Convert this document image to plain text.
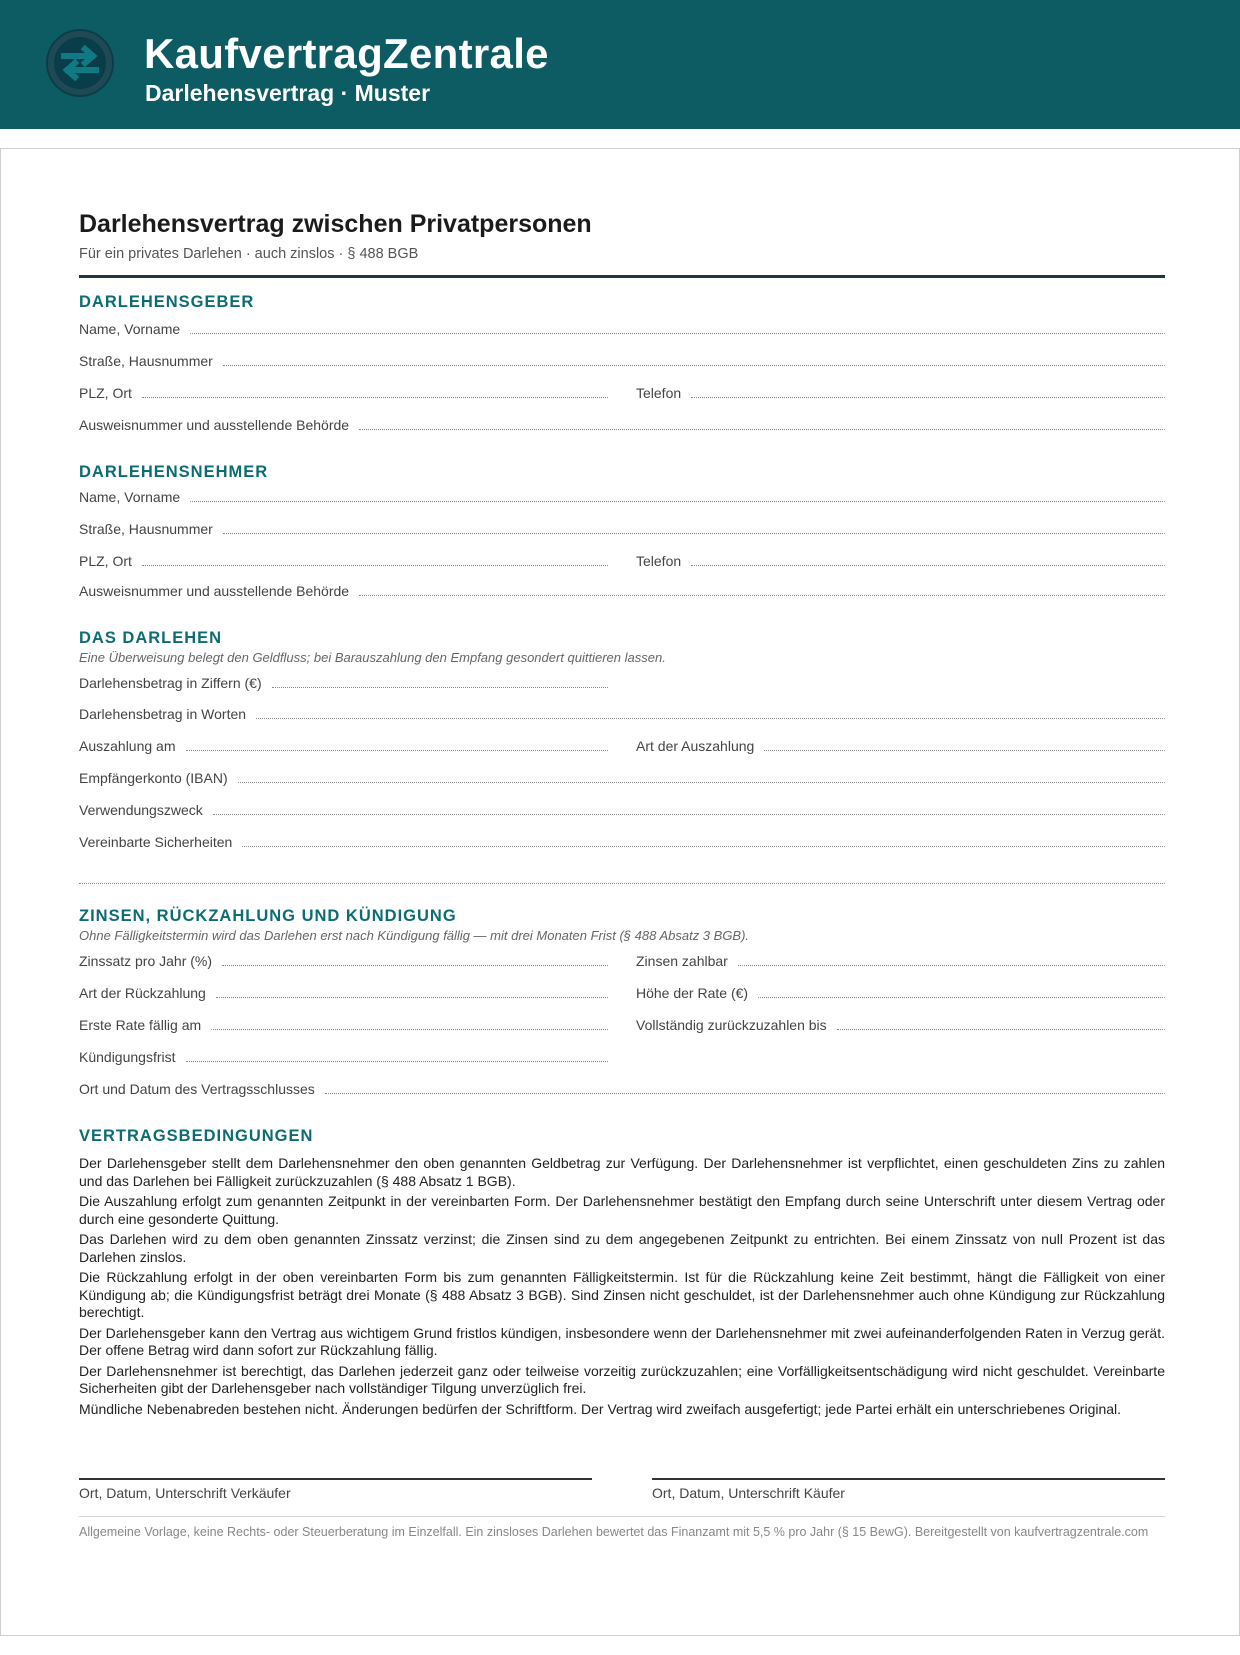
KaufvertragZentrale
Darlehensvertrag · Muster
Darlehensvertrag zwischen Privatpersonen
Für ein privates Darlehen · auch zinslos · § 488 BGB
DARLEHENSGEBER
Name, Vorname
Straße, Hausnummer
PLZ, Ort	Telefon
Ausweisnummer und ausstellende Behörde
DARLEHENSNEHMER
Name, Vorname
Straße, Hausnummer
PLZ, Ort	Telefon
Ausweisnummer und ausstellende Behörde
DAS DARLEHEN
Eine Überweisung belegt den Geldfluss; bei Barauszahlung den Empfang gesondert quittieren lassen.
Darlehensbetrag in Ziffern (€)
Darlehensbetrag in Worten
Auszahlung am	Art der Auszahlung
Empfängerkonto (IBAN)
Verwendungszweck
Vereinbarte Sicherheiten
ZINSEN, RÜCKZAHLUNG UND KÜNDIGUNG
Ohne Fälligkeitstermin wird das Darlehen erst nach Kündigung fällig — mit drei Monaten Frist (§ 488 Absatz 3 BGB).
Zinssatz pro Jahr (%)	Zinsen zahlbar
Art der Rückzahlung	Höhe der Rate (€)
Erste Rate fällig am	Vollständig zurückzuzahlen bis
Kündigungsfrist
Ort und Datum des Vertragsschlusses
VERTRAGSBEDINGUNGEN

Der Darlehensgeber stellt dem Darlehensnehmer den oben genannten Geldbetrag zur Verfügung. Der Darlehensnehmer ist verpflichtet, einen geschuldeten Zins zu zahlen und das Darlehen bei Fälligkeit zurückzuzahlen (§ 488 Absatz 1 BGB).

Die Auszahlung erfolgt zum genannten Zeitpunkt in der vereinbarten Form. Der Darlehensnehmer bestätigt den Empfang durch seine Unterschrift unter diesem Vertrag oder durch eine gesonderte Quittung.

Das Darlehen wird zu dem oben genannten Zinssatz verzinst; die Zinsen sind zu dem angegebenen Zeitpunkt zu entrichten. Bei einem Zinssatz von null Prozent ist das Darlehen zinslos.

Die Rückzahlung erfolgt in der oben vereinbarten Form bis zum genannten Fälligkeitstermin. Ist für die Rückzahlung keine Zeit bestimmt, hängt die Fälligkeit von einer Kündigung ab; die Kündigungsfrist beträgt drei Monate (§ 488 Absatz 3 BGB). Sind Zinsen nicht geschuldet, ist der Darlehensnehmer auch ohne Kündigung zur Rückzahlung berechtigt.

Der Darlehensgeber kann den Vertrag aus wichtigem Grund fristlos kündigen, insbesondere wenn der Darlehensnehmer mit zwei aufeinanderfolgenden Raten in Verzug gerät. Der offene Betrag wird dann sofort zur Rückzahlung fällig.

Der Darlehensnehmer ist berechtigt, das Darlehen jederzeit ganz oder teilweise vorzeitig zurückzuzahlen; eine Vorfälligkeitsentschädigung wird nicht geschuldet. Vereinbarte Sicherheiten gibt der Darlehensgeber nach vollständiger Tilgung unverzüglich frei.

Mündliche Nebenabreden bestehen nicht. Änderungen bedürfen der Schriftform. Der Vertrag wird zweifach ausgefertigt; jede Partei erhält ein unterschriebenes Original.

Ort, Datum, Unterschrift Verkäufer	Ort, Datum, Unterschrift Käufer
Allgemeine Vorlage, keine Rechts- oder Steuerberatung im Einzelfall. Ein zinsloses Darlehen bewertet das Finanzamt mit 5,5 % pro Jahr (§ 15 BewG). Bereitgestellt von kaufvertragzentrale.com
